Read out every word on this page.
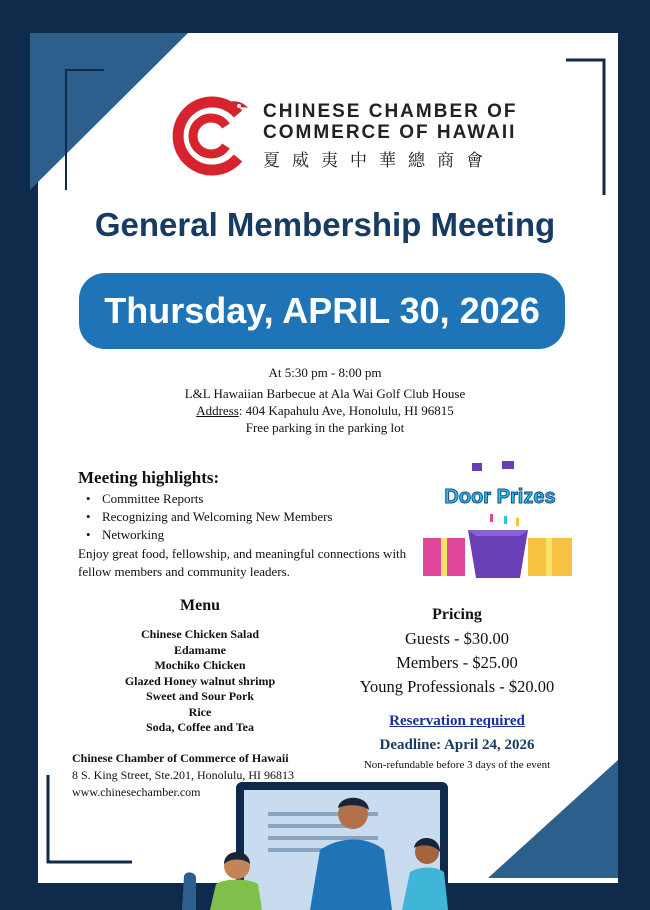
CHINESE CHAMBER OF
COMMERCE OF HAWAII
夏威夷中華總商會
General Membership Meeting
Thursday, APRIL 30, 2026
At 5:30 pm - 8:00 pm
L&L Hawaiian Barbecue at Ala Wai Golf Club House
Address: 404 Kapahulu Ave, Honolulu, HI 96815
Free parking in the parking lot
Meeting highlights:
• Committee Reports
• Recognizing and Welcoming New Members
• Networking
Enjoy great food, fellowship, and meaningful connections with fellow members and community leaders.
Door Prizes
Menu
Chinese Chicken Salad
Edamame
Mochiko Chicken
Glazed Honey walnut shrimp
Sweet and Sour Pork
Rice
Soda, Coffee and Tea
Pricing
Guests - $30.00
Members - $25.00
Young Professionals - $20.00
Reservation required
Deadline: April 24, 2026
Non-refundable before 3 days of the event
Chinese Chamber of Commerce of Hawaii
8 S. King Street, Ste.201, Honolulu, HI 96813
www.chinesechamber.com
